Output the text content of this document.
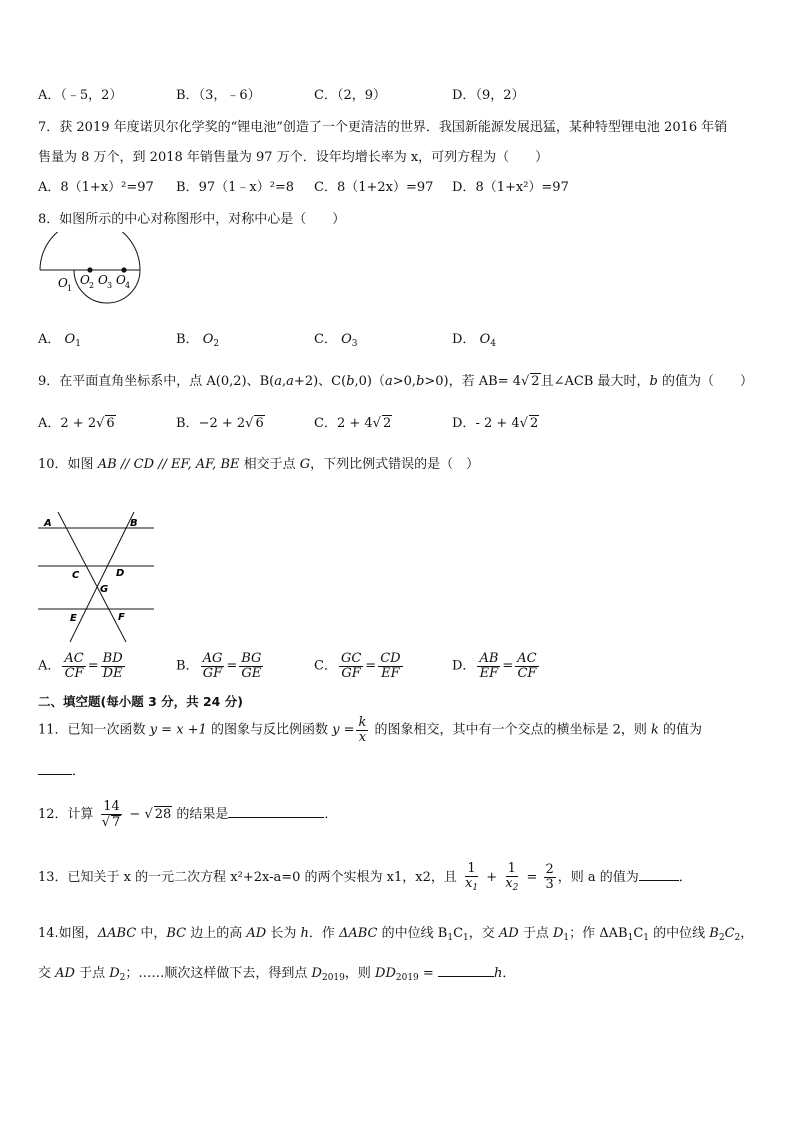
A．（﹣5，2）	B．（3，﹣6）	C．（2，9）	D．（9，2）
7．获 2019 年度诺贝尔化学奖的“锂电池”创造了一个更清洁的世界．我国新能源发展迅猛，某种特型锂电池 2016 年销
售量为 8 万个，到 2018 年销售量为 97 万个．设年均增长率为 x，可列方程为（　　）
A．8（1+x）²=97 B．97（1﹣x）²=8 C．8（1+2x）=97 D．8（1+x²）=97
8．如图所示的中心对称图形中，对称中心是（　　）
O 1
O 2 O 3 O 4
A． $O_1$	B． $O_2$	C． $O_3$	D． $O_4$
9．在平面直角坐标系中，点 A(0,2)、B(a,a+2)、C(b,0)（a>0,b>0)，若 AB= 4√ 2且∠ACB 最大时，b 的值为（　　）
A．2 + 2√ 6	B．−2 + 2√ 6	C．2 + 4√ 2	D．- 2 + 4√ 2
10．如图 AB // CD // EF, AF, BE 相交于点 G，下列比例式错误的是（　）
A	B
C	D
G
E	F
A． $\frac{AC}{CF} = \frac{BD}{DE}$	B． $\frac{AG}{GF} = \frac{BG}{GE}$	C． $\frac{GC}{GF} = \frac{CD}{EF}$	D． $\frac{AB}{EF} = \frac{AC}{CF}$
二、填空题(每小题 3 分，共 24 分)
11．已知一次函数 y = x +1 的图象与反比例函数 $y = \frac{k}{x}$ 的图象相交，其中有一个交点的横坐标是 2，则 k 的值为
．
12．计算 $\frac{14}{√ 7}$ − √ 28 的结果是	．
13．已知关于 x 的一元二次方程 x²+2x-a=0 的两个实根为 x1，x2，且 $\frac{1}{x_1} + \frac{1}{x_2} = \frac{2}{3}$ ，则 a 的值为	．
14.如图，ΔABC 中，BC 边上的高 AD 长为 h．作 ΔABC 的中位线 $B_1C_1$，交 AD 于点 $D_1$；作 $\Delta AB_1C_1$ 的中位线 $B_2C_2$，
交 AD 于点 $D_2$；……顺次这样做下去，得到点 $D_{2019}$，则 $DD_{2019}$ =	h．
